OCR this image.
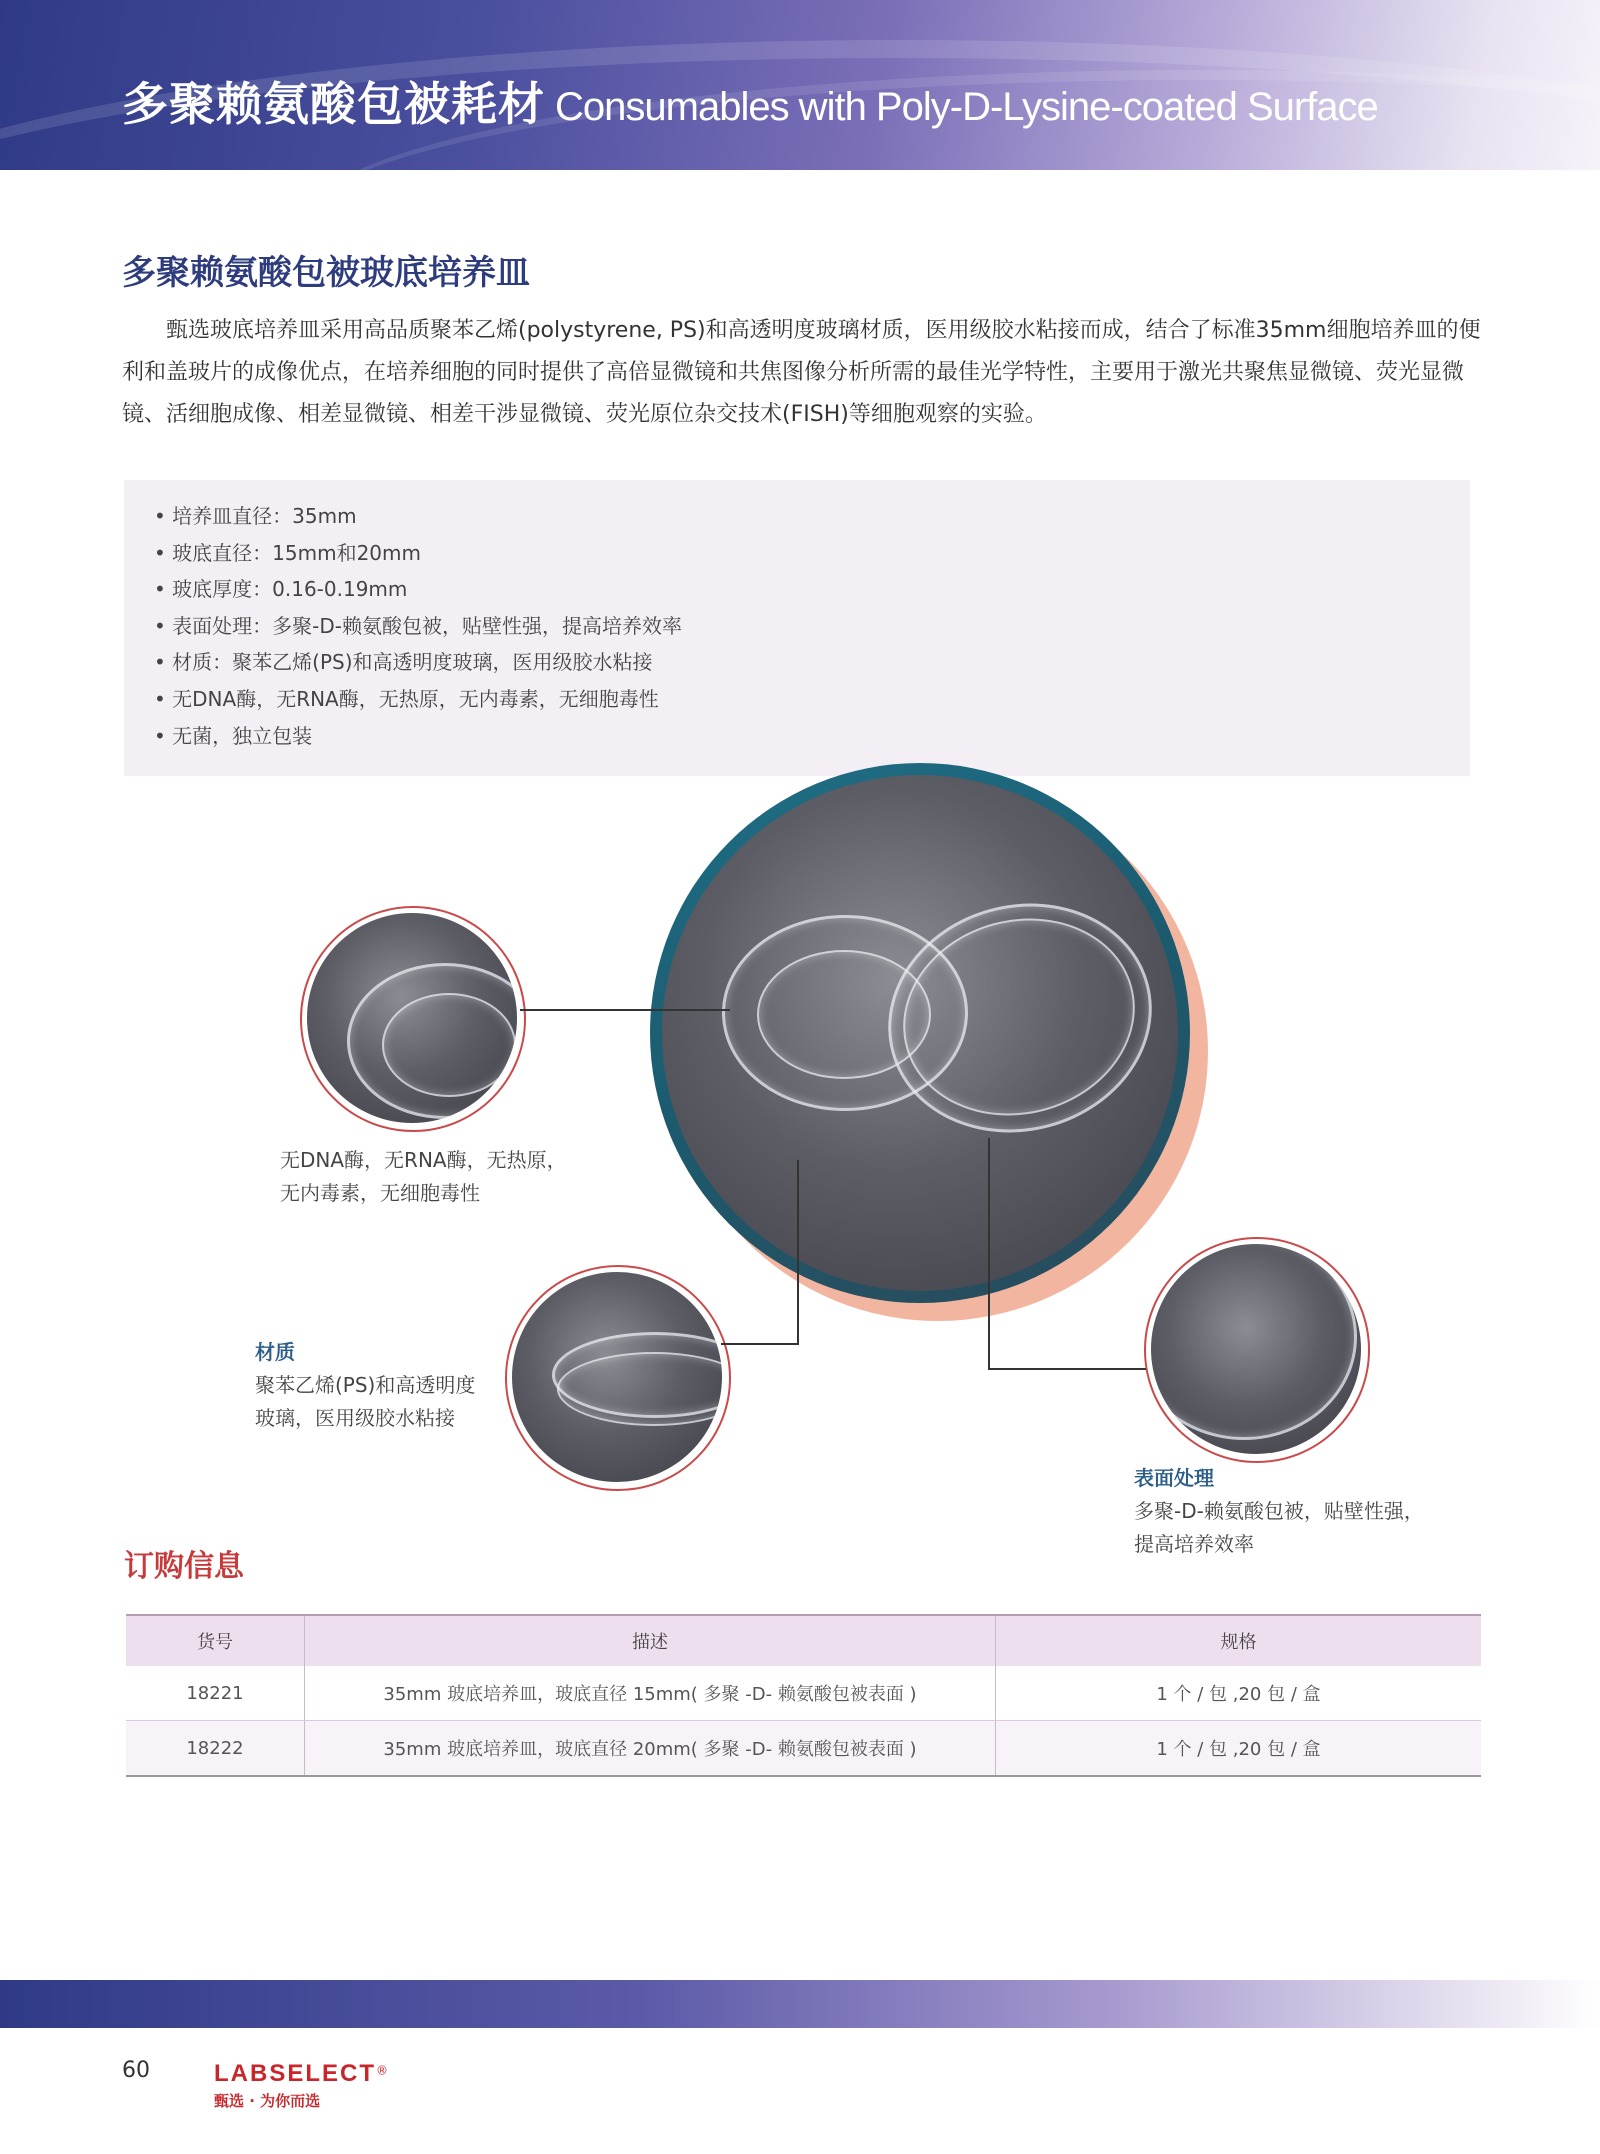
多聚赖氨酸包被耗材 Consumables with Poly-D-Lysine-coated Surface
多聚赖氨酸包被玻底培养皿
甄选玻底培养皿采用高品质聚苯乙烯(polystyrene, PS)和高透明度玻璃材质，医用级胶水粘接而成，结合了标准35mm细胞培养皿的便利和盖玻片的成像优点，在培养细胞的同时提供了高倍显微镜和共焦图像分析所需的最佳光学特性，主要用于激光共聚焦显微镜、荧光显微镜、活细胞成像、相差显微镜、相差干涉显微镜、荧光原位杂交技术(FISH)等细胞观察的实验。
• 培养皿直径：35mm
• 玻底直径：15mm和20mm
• 玻底厚度：0.16-0.19mm
• 表面处理：多聚-D-赖氨酸包被，贴壁性强，提高培养效率
• 材质：聚苯乙烯(PS)和高透明度玻璃，医用级胶水粘接
• 无DNA酶，无RNA酶，无热原，无内毒素，无细胞毒性
• 无菌，独立包装
无DNA酶，无RNA酶，无热原，
无内毒素，无细胞毒性
材质
聚苯乙烯(PS)和高透明度
玻璃，医用级胶水粘接
表面处理
多聚-D-赖氨酸包被，贴壁性强，
提高培养效率
订购信息
货号	描述	规格
18221	35mm 玻底培养皿，玻底直径 15mm( 多聚 -D- 赖氨酸包被表面 )	1 个 / 包 ,20 包 / 盒
18222	35mm 玻底培养皿，玻底直径 20mm( 多聚 -D- 赖氨酸包被表面 )	1 个 / 包 ,20 包 / 盒
60	LABSELECT®
甄选 · 为你而选
